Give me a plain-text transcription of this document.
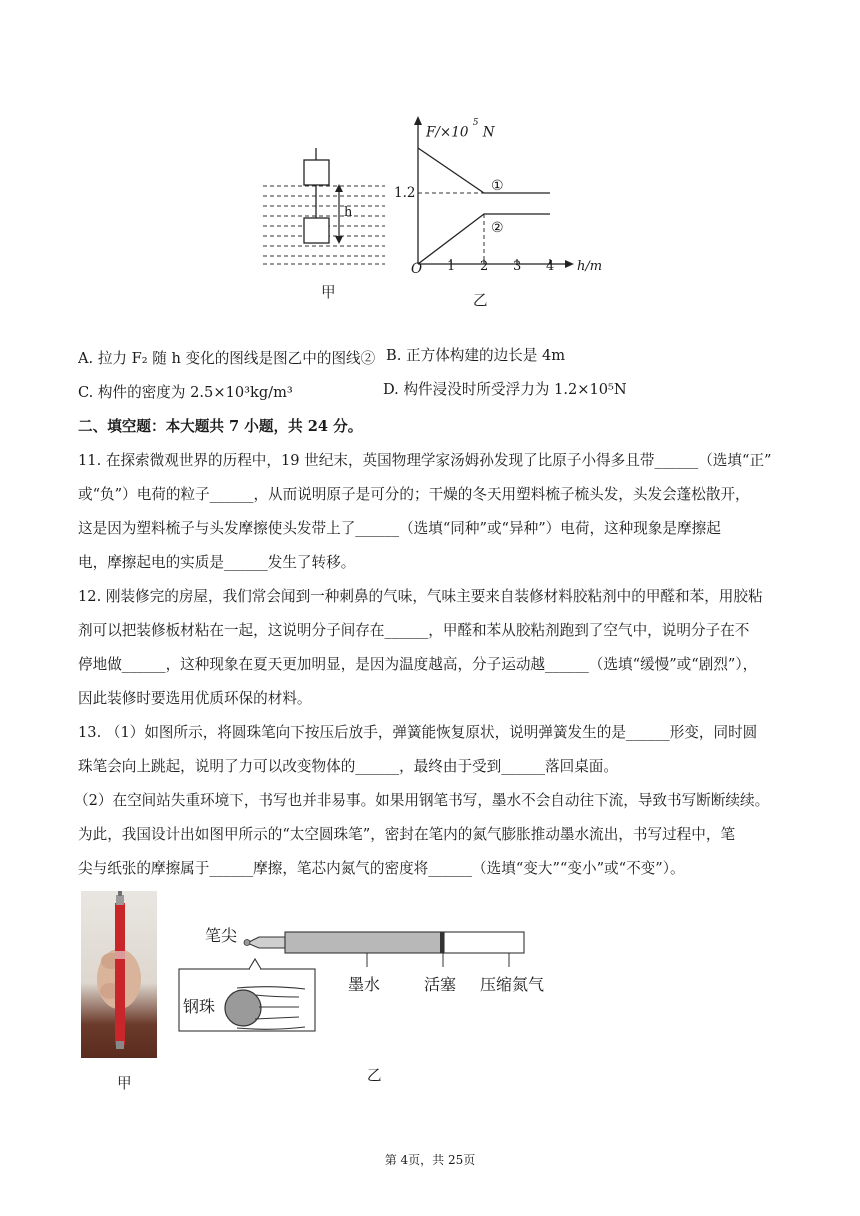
h
甲
F/×10 $^5$ N
1.2	①
②
O 1 2 3 4 h/m
乙
A. 拉力 F₂ 随 h 变化的图线是图乙中的图线② B. 正方体构建的边长是 4m
C. 构件的密度为 2.5×10³kg/m³	D. 构件浸没时所受浮力为 1.2×10⁵N
二、填空题：本大题共 7 小题，共 24 分。
11. 在探索微观世界的历程中，19 世纪末，英国物理学家汤姆孙发现了比原子小得多且带______（选填“正”
或“负”）电荷的粒子______，从而说明原子是可分的；干燥的冬天用塑料梳子梳头发，头发会蓬松散开，
这是因为塑料梳子与头发摩擦使头发带上了______（选填“同种”或“异种”）电荷，这种现象是摩擦起
电，摩擦起电的实质是______发生了转移。
12. 刚装修完的房屋，我们常会闻到一种刺鼻的气味，气味主要来自装修材料胶粘剂中的甲醛和苯，用胶粘
剂可以把装修板材粘在一起，这说明分子间存在______，甲醛和苯从胶粘剂跑到了空气中，说明分子在不
停地做______，这种现象在夏天更加明显，是因为温度越高，分子运动越______（选填“缓慢”或“剧烈”），
因此装修时要选用优质环保的材料。
13. （1）如图所示，将圆珠笔向下按压后放手，弹簧能恢复原状，说明弹簧发生的是______形变，同时圆
珠笔会向上跳起，说明了力可以改变物体的______，最终由于受到______落回桌面。
（2）在空间站失重环境下，书写也并非易事。如果用钢笔书写，墨水不会自动往下流，导致书写断断续续。
为此，我国设计出如图甲所示的“太空圆珠笔”，密封在笔内的氮气膨胀推动墨水流出，书写过程中，笔
尖与纸张的摩擦属于______摩擦，笔芯内氮气的密度将______（选填“变大”“变小”或“不变”）。
甲
笔尖
钢珠
墨水	活塞 压缩氮气
乙
第 4页，共 25页
